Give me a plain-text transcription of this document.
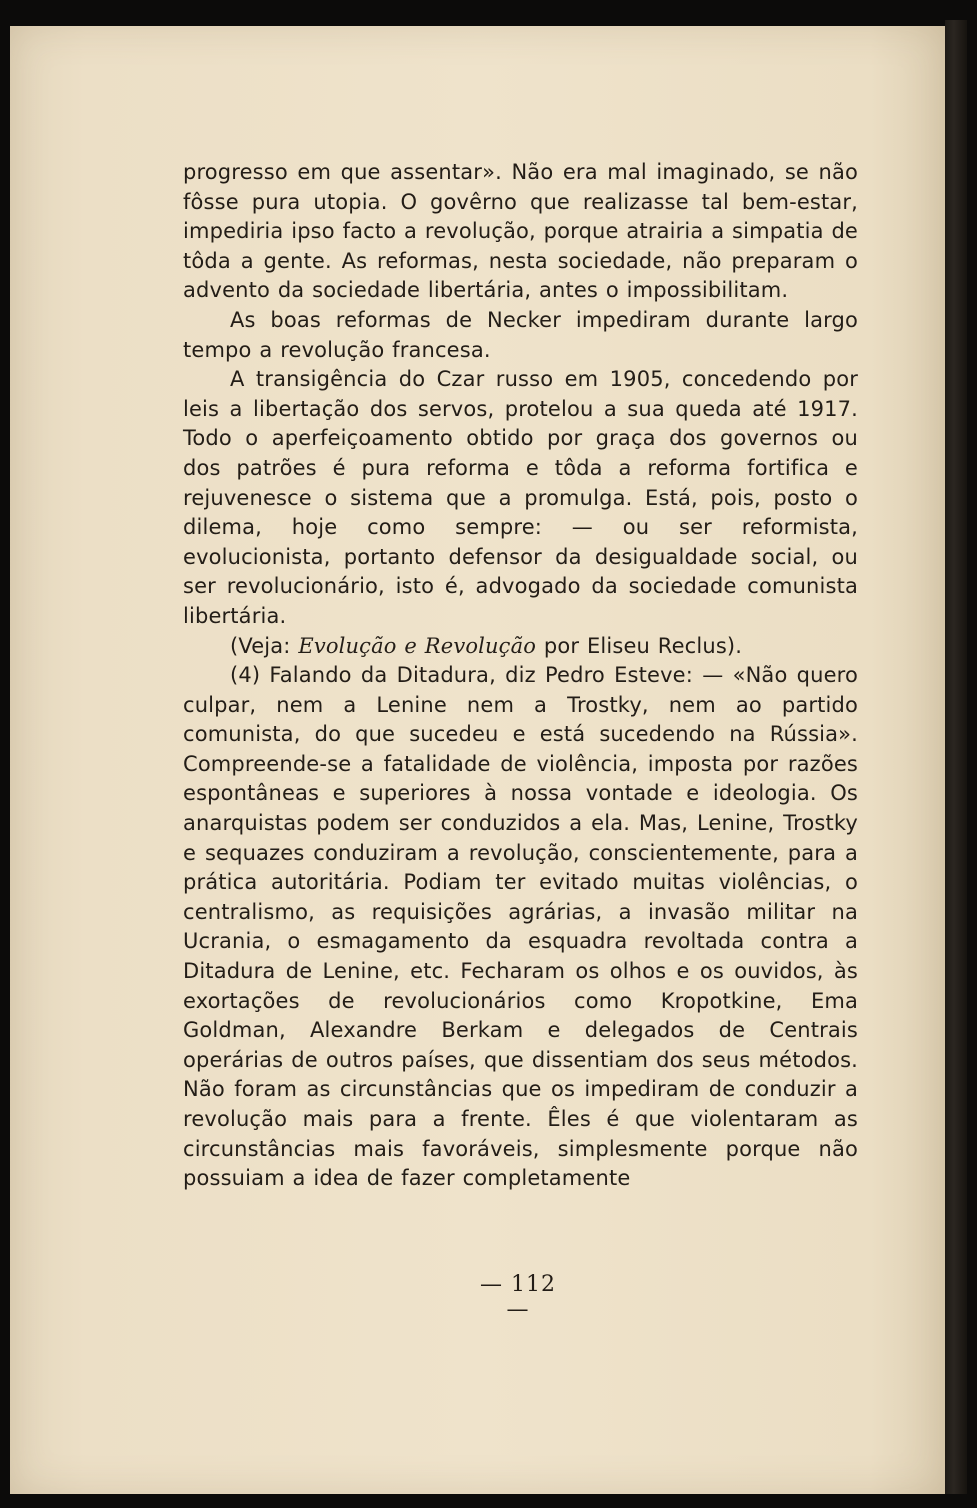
progresso em que assentar». Não era mal imaginado, se não fôsse pura utopia. O govêrno que realizasse tal bem-estar, impediria ipso facto a revolução, porque atrairia a simpatia de tôda a gente. As reformas, nesta sociedade, não preparam o advento da sociedade libertária, antes o impossibilitam.

As boas reformas de Necker impediram durante largo tempo a revolução francesa.

A transigência do Czar russo em 1905, concedendo por leis a libertação dos servos, protelou a sua queda até 1917. Todo o aperfeiçoamento obtido por graça dos governos ou dos patrões é pura reforma e tôda a reforma fortifica e rejuvenesce o sistema que a promulga. Está, pois, posto o dilema, hoje como sempre: — ou ser reformista, evolucionista, portanto defensor da desigualdade social, ou ser revolucionário, isto é, advogado da sociedade comunista libertária.

(Veja: Evolução e Revolução por Eliseu Reclus).

(4) Falando da Ditadura, diz Pedro Esteve: — «Não quero culpar, nem a Lenine nem a Trostky, nem ao partido comunista, do que sucedeu e está sucedendo na Rússia». Compreende-se a fatalidade de violência, imposta por razões espontâneas e superiores à nossa vontade e ideologia. Os anarquistas podem ser conduzidos a ela. Mas, Lenine, Trostky e sequazes conduziram a revolução, conscientemente, para a prática autoritária. Podiam ter evitado muitas violências, o centralismo, as requisições agrárias, a invasão militar na Ucrania, o esmagamento da esquadra revoltada contra a Ditadura de Lenine, etc. Fecharam os olhos e os ouvidos, às exortações de revolucionários como Kropotkine, Ema Goldman, Alexandre Berkam e delegados de Centrais operárias de outros países, que dissentiam dos seus métodos. Não foram as circunstâncias que os impediram de conduzir a revolução mais para a frente. Êles é que violentaram as circunstâncias mais favoráveis, simplesmente porque não possuiam a idea de fazer completamente

— 112 —
